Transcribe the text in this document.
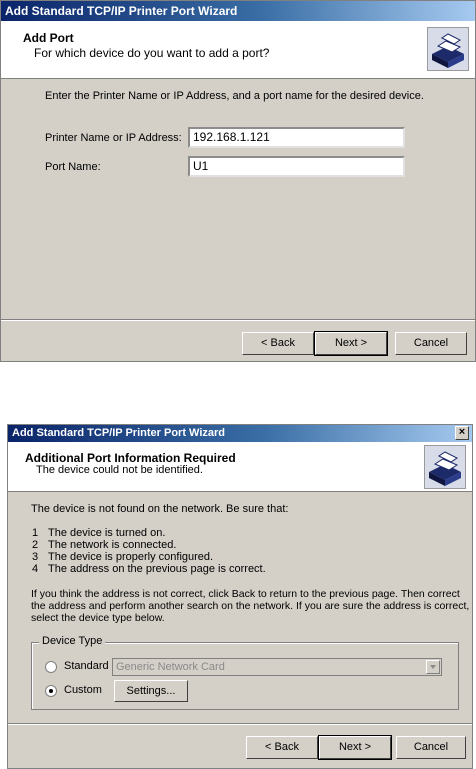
Add Standard TCP/IP Printer Port Wizard
Add Port
For which device do you want to add a port?
Enter the Printer Name or IP Address, and a port name for the desired device.
Printer Name or IP Address: 192.168.1.121
Port Name:	U1
< Back	Next >	Cancel
Add Standard TCP/IP Printer Port Wizard	×
Additional Port Information Required
The device could not be identified.
The device is not found on the network. Be sure that:
1 The device is turned on.
2 The network is connected.
3 The device is properly configured.
4 The address on the previous page is correct.
If you think the address is not correct, click Back to return to the previous page. Then correct
the address and perform another search on the network. If you are sure the address is correct,
select the device type below.
Device Type
Standard Generic Network Card
Custom	Settings...
< Back	Next >	Cancel
